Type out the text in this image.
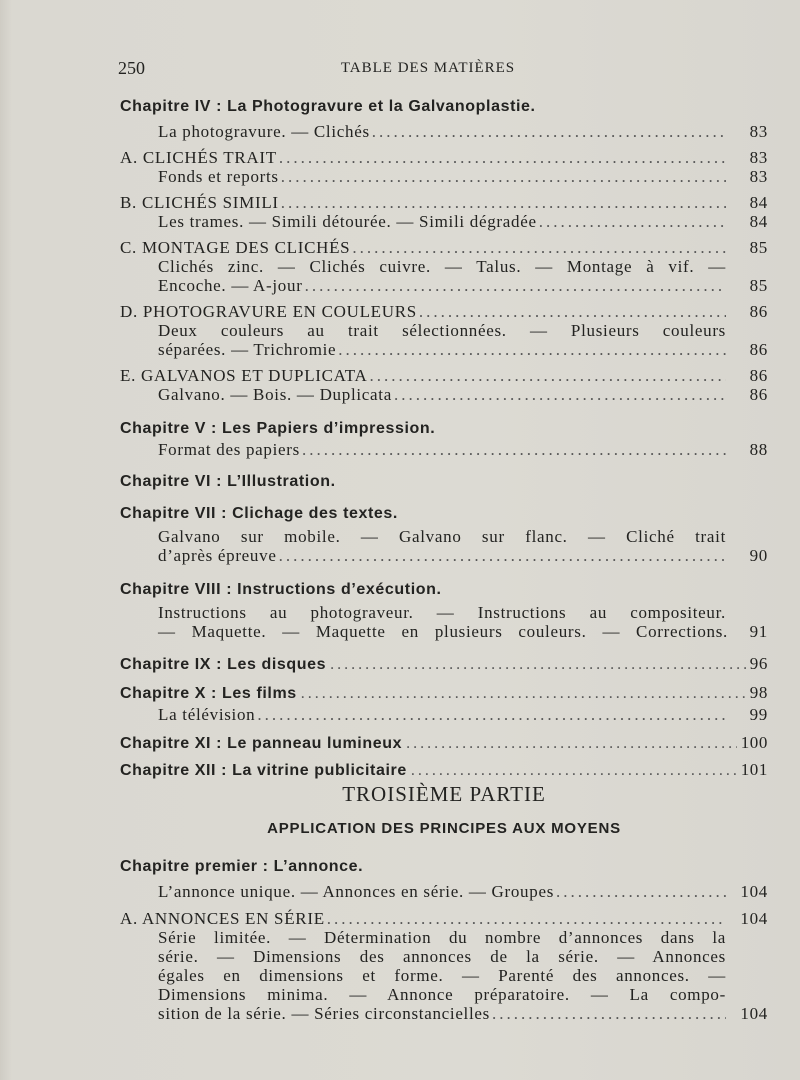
250	TABLE DES MATIÈRES
Chapitre IV : La Photogravure et la Galvanoplastie.
La photogravure. — Clichés .....	83
A. CLICHÉS TRAIT .....	83
Fonds et reports .....	83
B. CLICHÉS SIMILI .....	84
Les trames. — Simili détourée. — Simili dégradée .....	84
C. MONTAGE DES CLICHÉS .....	85
Clichés zinc. — Clichés cuivre. — Talus. — Montage à vif. —
Encoche. — A-jour .....	85
D. PHOTOGRAVURE EN COULEURS .....	86
Deux couleurs au trait sélectionnées. — Plusieurs couleurs
séparées. — Trichromie .....	86
E. GALVANOS ET DUPLICATA .....	86
Galvano. — Bois. — Duplicata .....	86
Chapitre V : Les Papiers d’impression.
Format des papiers .....	88
Chapitre VI : L’Illustration.
Chapitre VII : Clichage des textes.
Galvano sur mobile. — Galvano sur flanc. — Cliché trait
d’après épreuve .....	90
Chapitre VIII : Instructions d’exécution.
Instructions au photograveur. — Instructions au compositeur.
— Maquette. — Maquette en plusieurs couleurs. — Corrections.	91
Chapitre IX : Les disques .....	96
Chapitre X : Les films .....	98
La télévision .....	99
Chapitre XI : Le panneau lumineux .....	100
Chapitre XII : La vitrine publicitaire .....	101
TROISIÈME PARTIE
APPLICATION DES PRINCIPES AUX MOYENS
Chapitre premier : L’annonce.
L’annonce unique. — Annonces en série. — Groupes .....	104
A. ANNONCES EN SÉRIE .....	104
Série limitée. — Détermination du nombre d’annonces dans la
série. — Dimensions des annonces de la série. — Annonces
égales en dimensions et forme. — Parenté des annonces. —
Dimensions minima. — Annonce préparatoire. — La compo-
sition de la série. — Séries circonstancielles .....	104
